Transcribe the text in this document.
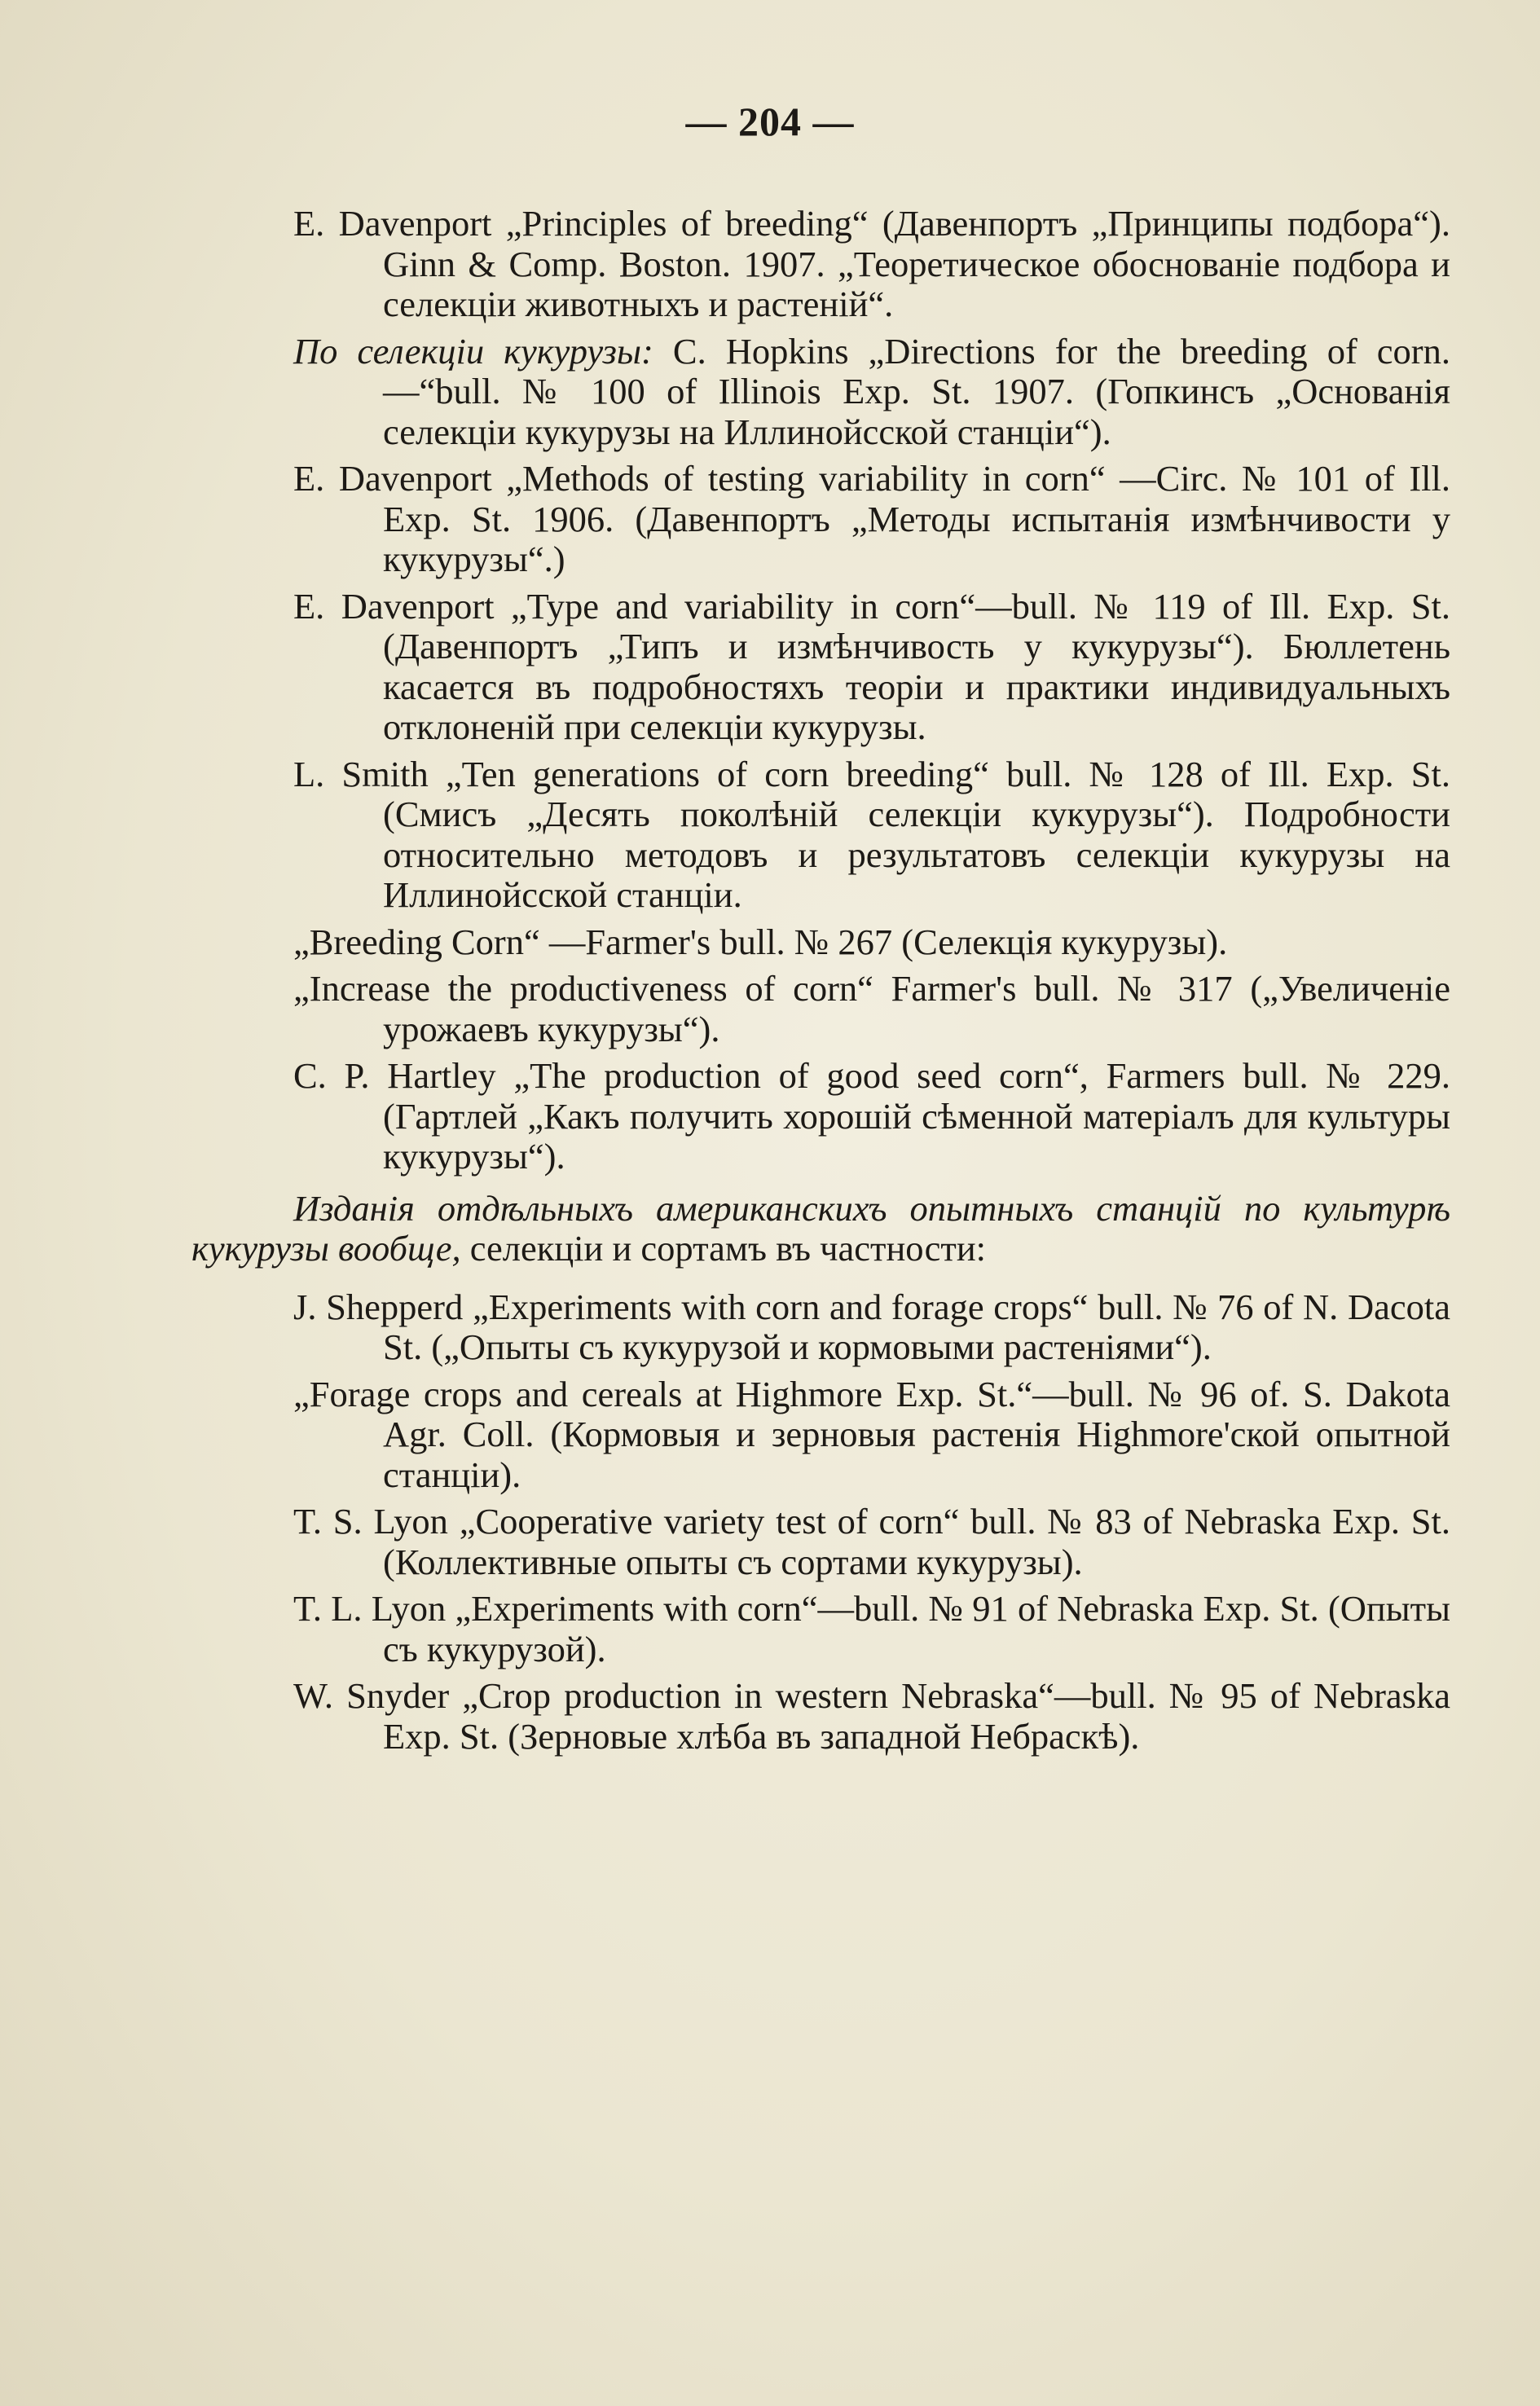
— 204 —

E. Davenport „Principles of breeding“ (Давенпортъ „Принципы подбора“). Ginn & Comp. Boston. 1907. „Теоретическое обоснованіе подбора и селекціи животныхъ и растеній“.

По селекціи кукурузы: C. Hopkins „Directions for the breeding of corn.—“bull. № 100 of Illinois Exp. St. 1907. (Гопкинсъ „Основанія селекціи кукурузы на Иллинойсской станціи“).

E. Davenport „Methods of testing variability in corn“ —Circ. № 101 of Ill. Exp. St. 1906. (Давенпортъ „Методы испытанія измѣнчивости у кукурузы“.)

E. Davenport „Type and variability in corn“—bull. № 119 of Ill. Exp. St. (Давенпортъ „Типъ и измѣнчивость у кукурузы“). Бюллетень касается въ подробностяхъ теоріи и практики индивидуальныхъ отклоненій при селекціи кукурузы.

L. Smith „Ten generations of corn breeding“ bull. № 128 of Ill. Exp. St. (Смисъ „Десять поколѣній селекціи кукурузы“). Подробности относительно методовъ и результатовъ селекціи кукурузы на Иллинойсской станціи.

„Breeding Corn“ —Farmer's bull. № 267 (Селекція кукурузы).

„Increase the productiveness of corn“ Farmer's bull. № 317 („Увеличеніе урожаевъ кукурузы“).

C. P. Hartley „The production of good seed corn“, Farmers bull. № 229. (Гартлей „Какъ получить хорошій сѣменной матеріалъ для культуры кукурузы“).

Изданія отдѣльныхъ американскихъ опытныхъ станцій по культурѣ кукурузы вообще, селекціи и сортамъ въ частности:

J. Shepperd „Experiments with corn and forage crops“ bull. № 76 of N. Dacota St. („Опыты съ кукурузой и кормовыми растеніями“).

„Forage crops and cereals at Highmore Exp. St.“—bull. № 96 of. S. Dakota Agr. Coll. (Кормовыя и зерновыя растенія Highmore'ской опытной станціи).

T. S. Lyon „Cooperative variety test of corn“ bull. № 83 of Nebraska Exp. St. (Коллективные опыты съ сортами кукурузы).

T. L. Lyon „Experiments with corn“—bull. № 91 of Nebraska Exp. St. (Опыты съ кукурузой).

W. Snyder „Crop production in western Nebraska“—bull. № 95 of Nebraska Exp. St. (Зерновые хлѣба въ западной Небраскѣ).
